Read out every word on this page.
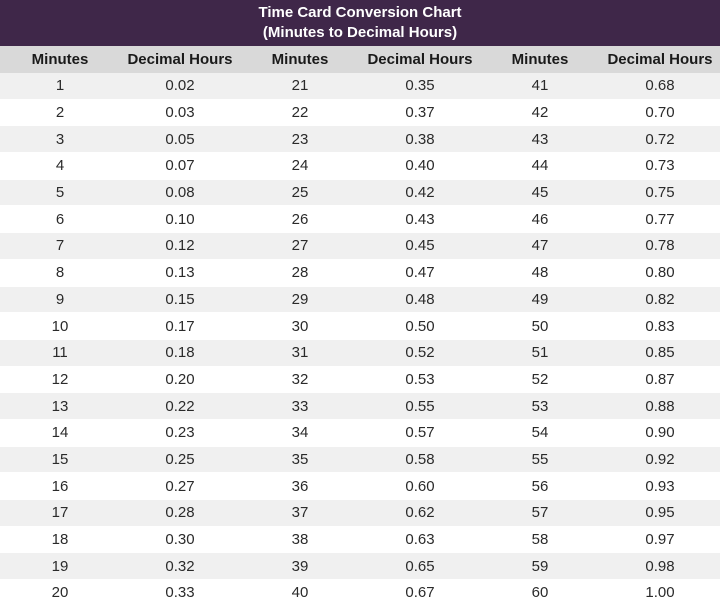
Time Card Conversion Chart
(Minutes to Decimal Hours)
Minutes	Decimal Hours	Minutes	Decimal Hours	Minutes	Decimal Hours
1	0.02	21	0.35	41	0.68
2	0.03	22	0.37	42	0.70
3	0.05	23	0.38	43	0.72
4	0.07	24	0.40	44	0.73
5	0.08	25	0.42	45	0.75
6	0.10	26	0.43	46	0.77
7	0.12	27	0.45	47	0.78
8	0.13	28	0.47	48	0.80
9	0.15	29	0.48	49	0.82
10	0.17	30	0.50	50	0.83
11	0.18	31	0.52	51	0.85
12	0.20	32	0.53	52	0.87
13	0.22	33	0.55	53	0.88
14	0.23	34	0.57	54	0.90
15	0.25	35	0.58	55	0.92
16	0.27	36	0.60	56	0.93
17	0.28	37	0.62	57	0.95
18	0.30	38	0.63	58	0.97
19	0.32	39	0.65	59	0.98
20	0.33	40	0.67	60	1.00
